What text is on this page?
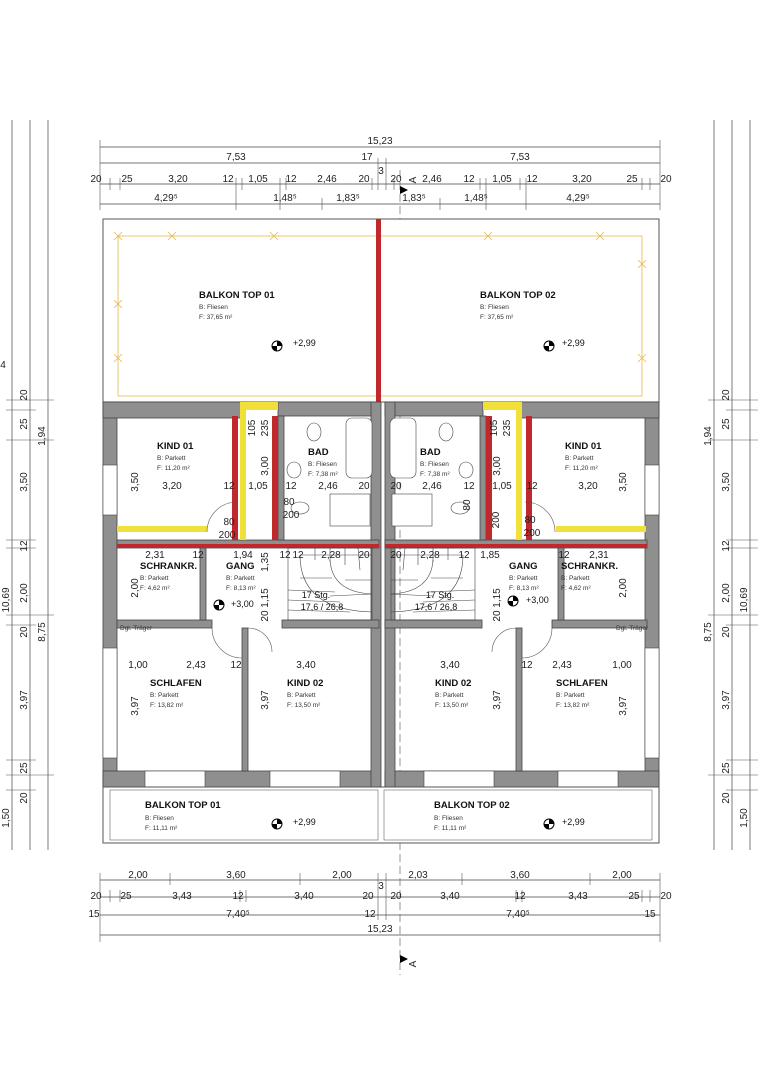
15,23
7,53	17	7,53
3
20 25	3,20	12 1,05 12 2,46 20 20 2,46 12 1,05 12	3,20	25 20
4,29⁵	1,48⁵	1,83⁵	1,83⁵	1,48⁵	4,29⁵
A
A
4
2,00	3,60	2,00	2,03	3,60	2,00
3
20 25	3,43	12	3,40	20 20	3,40	12	3,43	25 20
15	7,40⁵	12	7,40⁵	15
15,23
20
25
3,50
12
2,00
20
3,97
25
20
1,50
1,94
10,69
8,75
20
25
3,50
12
2,00
20
3,97
25
20
1,50
1,94
10,69
8,75
3,20	12 1,05 12 2,46 20
3,50
3,00
105 235
80
200
80
200
20 2,46 12 1,05 12	3,20 3,50
3,00
105 235
80
200
80
200
2,31	12	1,94	12
1,35 12 2,28 20
2,00
1,15
20
20 2,28 12 1,85	12 2,31
2,00
1,15
20
1,00	2,43 12	3,40
3,97	3,97
3,40	12 2,43	1,00
3,97	3,97
Dgl. Träger	Dgl. Träger
17 Stg.
17,6 / 26,8
17 Stg.
17,6 / 26,8
+2,99	+2,99
+3,00	+3,00
+2,99	+2,99
BALKON TOP 01
B: Fliesen
F: 37,65 m²
BALKON TOP 02
B: Fliesen
F: 37,65 m²
KIND 01
B: Parkett
F: 11,20 m²
BAD
B: Fliesen
F: 7,38 m²
BAD
B: Fliesen
F: 7,38 m²
KIND 01
B: Parkett
F: 11,20 m²
SCHRANKR.
B: Parkett
F: 4,62 m²
GANG
B: Parkett
F: 8,13 m²
GANG
B: Parkett
F: 8,13 m²
SCHRANKR.
B: Parkett
F: 4,62 m²
SCHLAFEN
B: Parkett
F: 13,82 m²
KIND 02
B: Parkett
F: 13,50 m²
KIND 02
B: Parkett
F: 13,50 m²
SCHLAFEN
B: Parkett
F: 13,82 m²
BALKON TOP 01
B: Fliesen
F: 11,11 m²
BALKON TOP 02
B: Fliesen
F: 11,11 m²
